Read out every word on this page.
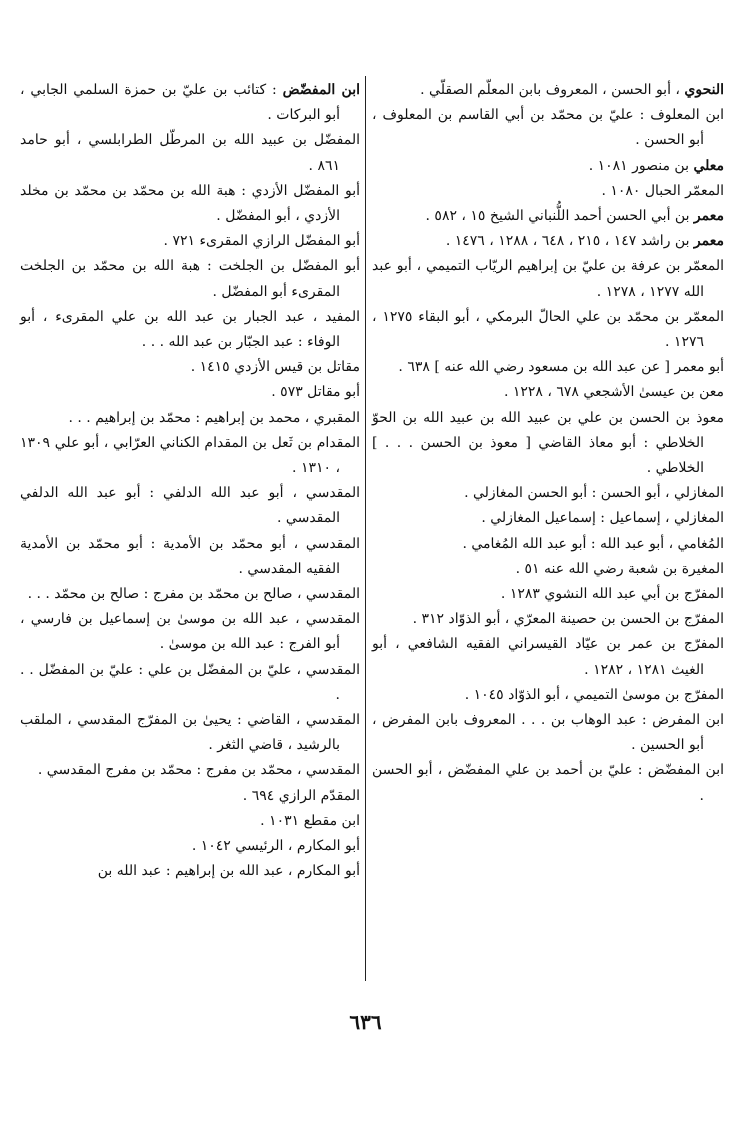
النحوي ، أبو الحسن ، المعروف بابن المعلّم الصقلّي .

ابن المعلوف : عليّ بن محمّد بن أبي القاسم بن المعلوف ، أبو الحسن .

معلي بن منصور ١٠٨١ .

المعمّر الحبال ١٠٨٠ .

معمر بن أبي الحسن أحمد اللُّنباني الشيخ ١٥ ، ٥٨٢ .

معمر بن راشد ١٤٧ ، ٢١٥ ، ٦٤٨ ، ١٢٨٨ ، ١٤٧٦ .

المعمّر بن عرفة بن عليّ بن إبراهيم الريّاب التميمي ، أبو عبد الله ١٢٧٧ ، ١٢٧٨ .

المعمّر بن محمّد بن علي الحالّ البرمكي ، أبو البقاء ١٢٧٥ ، ١٢٧٦ .

أبو معمر [ عن عبد الله بن مسعود رضي الله عنه ] ٦٣٨ .

معن بن عيسىٰ الأشجعي ٦٧٨ ، ١٢٢٨ .

معوذ بن الحسن بن علي بن عبيد الله بن عبيد الله بن الحوّ الخلاطي : أبو معاذ القاضي [ معوذ بن الحسن . . . ] الخلاطي .

المغازلي ، أبو الحسن : أبو الحسن المغازلي .

المغازلي ، إسماعيل : إسماعيل المغازلي .

المُغامي ، أبو عبد الله : أبو عبد الله المُغامي .

المغيرة بن شعبة رضي الله عنه ٥١ .

المفرّج بن أبي عبد الله النشوي ١٢٨٣ .

المفرّج بن الحسن بن حصينة المعرّي ، أبو الذوّاد ٣١٢ .

المفرّج بن عمر بن عيّاد القيسراني الفقيه الشافعي ، أبو الغيث ١٢٨١ ، ١٢٨٢ .

المفرّج بن موسىٰ التميمي ، أبو الذوّاد ١٠٤٥ .

ابن المفرض : عبد الوهاب بن . . . المعروف بابن المفرض ، أبو الحسين .

ابن المفضّض : عليّ بن أحمد بن علي المفضّض ، أبو الحسن .

ابن المفضّض : كتائب بن عليّ بن حمزة السلمي الجابي ، أبو البركات .

المفضّل بن عبيد الله بن المرطّل الطرابلسي ، أبو حامد ٨٦١ .

أبو المفضّل الأزدي : هبة الله بن محمّد بن محمّد بن مخلد الأزدي ، أبو المفضّل .

أبو المفضّل الرازي المقرىء ٧٢١ .

أبو المفضّل بن الجلخت : هبة الله بن محمّد بن الجلخت المقرىء أبو المفضّل .

المفيد ، عبد الجبار بن عبد الله بن علي المقرىء ، أبو الوفاء : عبد الجبّار بن عبد الله . . .

مقاتل بن قيس الأزدي ١٤١٥ .

أبو مقاتل ٥٧٣ .

المقبري ، محمد بن إبراهيم : محمّد بن إبراهيم . . .

المقدام بن ثَعل بن المقدام الكناني العرّابي ، أبو علي ١٣٠٩ ، ١٣١٠ .

المقدسي ، أبو عبد الله الدلفي : أبو عبد الله الدلفي المقدسي .

المقدسي ، أبو محمّد بن الأمدية : أبو محمّد بن الأمدية الفقيه المقدسي .

المقدسي ، صالح بن محمّد بن مفرج : صالح بن محمّد . . .

المقدسي ، عبد الله بن موسىٰ بن إسماعيل بن فارسي ، أبو الفرج : عبد الله بن موسىٰ .

المقدسي ، عليّ بن المفضّل بن علي : عليّ بن المفضّل . . .

المقدسي ، القاضي : يحيىٰ بن المفرّج المقدسي ، الملقب بالرشيد ، قاضي الثغر .

المقدسي ، محمّد بن مفرج : محمّد بن مفرج المقدسي .

المقدّم الرازي ٦٩٤ .

ابن مقطع ١٠٣١ .

أبو المكارم ، الرئيسي ١٠٤٢ .

أبو المكارم ، عبد الله بن إبراهيم : عبد الله بن

٦٣٦
